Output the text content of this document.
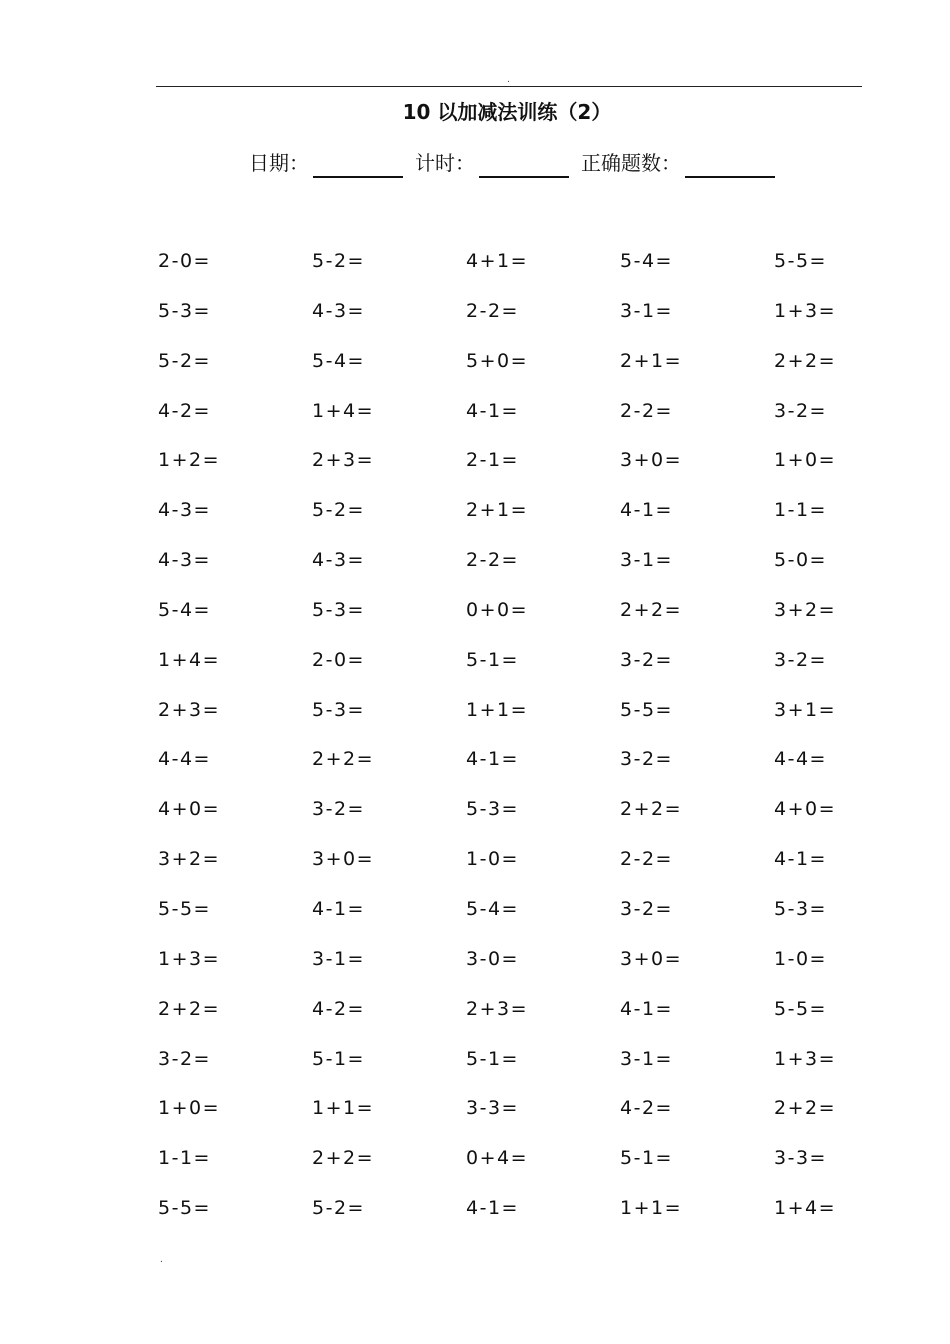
.
10 以加减法训练（2）
日期：	计时：	正确题数：
2-0=	5-2=	4+1=	5-4=	5-5=
5-3=	4-3=	2-2=	3-1=	1+3=
5-2=	5-4=	5+0=	2+1=	2+2=
4-2=	1+4=	4-1=	2-2=	3-2=
1+2=	2+3=	2-1=	3+0=	1+0=
4-3=	5-2=	2+1=	4-1=	1-1=
4-3=	4-3=	2-2=	3-1=	5-0=
5-4=	5-3=	0+0=	2+2=	3+2=
1+4=	2-0=	5-1=	3-2=	3-2=
2+3=	5-3=	1+1=	5-5=	3+1=
4-4=	2+2=	4-1=	3-2=	4-4=
4+0=	3-2=	5-3=	2+2=	4+0=
3+2=	3+0=	1-0=	2-2=	4-1=
5-5=	4-1=	5-4=	3-2=	5-3=
1+3=	3-1=	3-0=	3+0=	1-0=
2+2=	4-2=	2+3=	4-1=	5-5=
3-2=	5-1=	5-1=	3-1=	1+3=
1+0=	1+1=	3-3=	4-2=	2+2=
1-1=	2+2=	0+4=	5-1=	3-3=
5-5=	5-2=	4-1=	1+1=	1+4=
.
